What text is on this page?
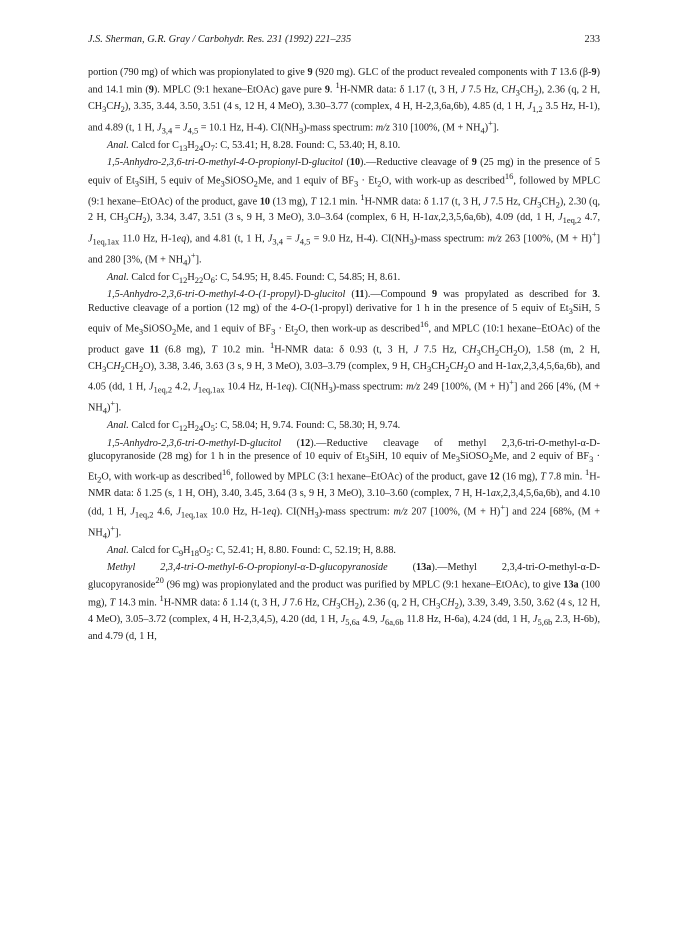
J.S. Sherman, G.R. Gray / Carbohydr. Res. 231 (1992) 221–235	233

portion (790 mg) of which was propionylated to give 9 (920 mg). GLC of the product revealed components with T 13.6 (β-9) and 14.1 min (9). MPLC (9:1 hexane–EtOAc) gave pure 9. $^1$H-NMR data: δ 1.17 (t, 3 H, J 7.5 Hz, $CH_3CH_2$), 2.36 (q, 2 H, $CH_3CH_2$), 3.35, 3.44, 3.50, 3.51 (4 s, 12 H, 4 MeO), 3.30–3.77 (complex, 4 H, H-2,3,6a,6b), 4.85 (d, 1 H, $J_{1,2}$ 3.5 Hz, H-1), and 4.89 (t, 1 H, $J_{3,4} = J_{4,5} = 10.1$ Hz, H-4). $CI(NH_3)$-mass spectrum: m/z 310 [100%, $(M + NH_4)^+$].

Anal. Calcd for $C_{13}H_{24}O_7$: C, 53.41; H, 8.28. Found: C, 53.40; H, 8.10.

1,5-Anhydro-2,3,6-tri-O-methyl-4-O-propionyl-D-glucitol (10).—Reductive cleavage of 9 (25 mg) in the presence of 5 equiv of $Et_3SiH$, 5 equiv of $Me_3SiOSO_2Me$, and 1 equiv of $BF_3 \cdot Et_2O$, with work-up as described$^{16}$, followed by MPLC (9:1 hexane–EtOAc) of the product, gave 10 (13 mg), T 12.1 min. $^1$H-NMR data: δ 1.17 (t, 3 H, J 7.5 Hz, $CH_3CH_2$), 2.30 (q, 2 H, $CH_3CH_2$), 3.34, 3.47, 3.51 (3 s, 9 H, 3 MeO), 3.0–3.64 (complex, 6 H, H-1ax,2,3,5,6a,6b), 4.09 (dd, 1 H, $J_{1eq,2}$ 4.7, $J_{1eq,1ax}$ 11.0 Hz, H-1eq), and 4.81 (t, 1 H, $J_{3,4} = J_{4,5} = 9.0$ Hz, H-4). $CI(NH_3)$-mass spectrum: m/z 263 [100%, (M + H)+] and 280 [3%, $(M + NH_4)^+$].

Anal. Calcd for $C_{12}H_{22}O_6$: C, 54.95; H, 8.45. Found: C, 54.85; H, 8.61.

1,5-Anhydro-2,3,6-tri-O-methyl-4-O-(1-propyl)-D-glucitol (11).—Compound 9 was propylated as described for 3. Reductive cleavage of a portion (12 mg) of the 4-O-(1-propyl) derivative for 1 h in the presence of 5 equiv of $Et_3SiH$, 5 equiv of $Me_3SiOSO_2Me$, and 1 equiv of $BF_3 \cdot Et_2O$, then work-up as described$^{16}$, and MPLC (10:1 hexane–EtOAc) of the product gave 11 (6.8 mg), T 10.2 min. $^1$H-NMR data: δ 0.93 (t, 3 H, J 7.5 Hz, $CH_3CH_2CH_2O$), 1.58 (m, 2 H, $CH_3CH_2CH_2O$), 3.38, 3.46, 3.63 (3 s, 9 H, 3 MeO), 3.03–3.79 (complex, 9 H, $CH_3CH_2CH_2O$ and H-1ax,2,3,4,5,6a,6b), and 4.05 (dd, 1 H, $J_{1eq,2}$ 4.2, $J_{1eq,1ax}$ 10.4 Hz, H-1eq). $CI(NH_3)$-mass spectrum: m/z 249 [100%, (M + H)+] and 266 [4%, $(M + NH_4)^+$].

Anal. Calcd for $C_{12}H_{24}O_5$: C, 58.04; H, 9.74. Found: C, 58.30; H, 9.74.

1,5-Anhydro-2,3,6-tri-O-methyl-D-glucitol (12).—Reductive cleavage of methyl 2,3,6-tri-O-methyl-α-D-glucopyranoside (28 mg) for 1 h in the presence of 10 equiv of $Et_3SiH$, 10 equiv of $Me_3SiOSO_2Me$, and 2 equiv of $BF_3 \cdot Et_2O$, with work-up as described$^{16}$, followed by MPLC (3:1 hexane–EtOAc) of the product, gave 12 (16 mg), T 7.8 min. $^1$H-NMR data: δ 1.25 (s, 1 H, OH), 3.40, 3.45, 3.64 (3 s, 9 H, 3 MeO), 3.10–3.60 (complex, 7 H, H-1ax,2,3,4,5,6a,6b), and 4.10 (dd, 1 H, $J_{1eq,2}$ 4.6, $J_{1eq,1ax}$ 10.0 Hz, H-1eq). $CI(NH_3)$-mass spectrum: m/z 207 [100%, (M + H)+] and 224 [68%, $(M + NH_4)^+$].

Anal. Calcd for $C_9H_{18}O_5$: C, 52.41; H, 8.80. Found: C, 52.19; H, 8.88.

Methyl 2,3,4-tri-O-methyl-6-O-propionyl-α-D-glucopyranoside (13a).—Methyl 2,3,4-tri-O-methyl-α-D-glucopyranoside$^{20}$ (96 mg) was propionylated and the product was purified by MPLC (9:1 hexane–EtOAc), to give 13a (100 mg), T 14.3 min. $^1$H-NMR data: δ 1.14 (t, 3 H, J 7.6 Hz, $CH_3CH_2$), 2.36 (q, 2 H, $CH_3CH_2$), 3.39, 3.49, 3.50, 3.62 (4 s, 12 H, 4 MeO), 3.05–3.72 (complex, 4 H, H-2,3,4,5), 4.20 (dd, 1 H, $J_{5,6a}$ 4.9, $J_{6a,6b}$ 11.8 Hz, H-6a), 4.24 (dd, 1 H, $J_{5,6b}$ 2.3, H-6b), and 4.79 (d, 1 H,
